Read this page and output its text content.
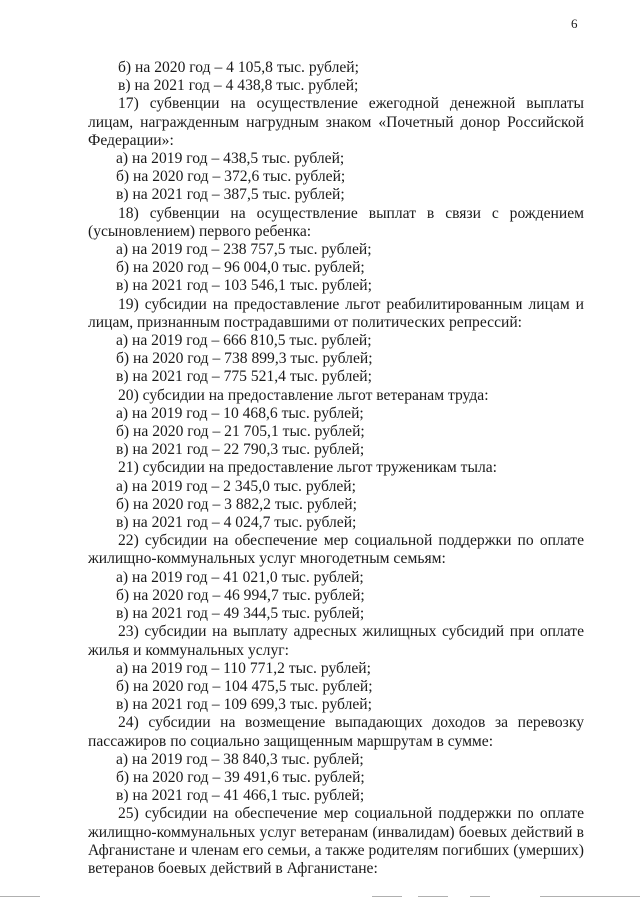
6
б) на 2020 год – 4 105,8 тыс. рублей;
в) на 2021 год – 4 438,8 тыс. рублей;
17) субвенции на осуществление ежегодной денежной выплаты
лицам, награжденным нагрудным знаком «Почетный донор Российской
Федерации»:
а) на 2019 год – 438,5 тыс. рублей;
б) на 2020 год – 372,6 тыс. рублей;
в) на 2021 год – 387,5 тыс. рублей;
18) субвенции на осуществление выплат в связи с рождением
(усыновлением) первого ребенка:
а) на 2019 год – 238 757,5 тыс. рублей;
б) на 2020 год – 96 004,0 тыс. рублей;
в) на 2021 год – 103 546,1 тыс. рублей;
19) субсидии на предоставление льгот реабилитированным лицам и
лицам, признанным пострадавшими от политических репрессий:
а) на 2019 год – 666 810,5 тыс. рублей;
б) на 2020 год – 738 899,3 тыс. рублей;
в) на 2021 год – 775 521,4 тыс. рублей;
20) субсидии на предоставление льгот ветеранам труда:
а) на 2019 год – 10 468,6 тыс. рублей;
б) на 2020 год – 21 705,1 тыс. рублей;
в) на 2021 год – 22 790,3 тыс. рублей;
21) субсидии на предоставление льгот труженикам тыла:
а) на 2019 год – 2 345,0 тыс. рублей;
б) на 2020 год – 3 882,2 тыс. рублей;
в) на 2021 год – 4 024,7 тыс. рублей;
22) субсидии на обеспечение мер социальной поддержки по оплате
жилищно-коммунальных услуг многодетным семьям:
а) на 2019 год – 41 021,0 тыс. рублей;
б) на 2020 год – 46 994,7 тыс. рублей;
в) на 2021 год – 49 344,5 тыс. рублей;
23) субсидии на выплату адресных жилищных субсидий при оплате
жилья и коммунальных услуг:
а) на 2019 год – 110 771,2 тыс. рублей;
б) на 2020 год – 104 475,5 тыс. рублей;
в) на 2021 год – 109 699,3 тыс. рублей;
24) субсидии на возмещение выпадающих доходов за перевозку
пассажиров по социально защищенным маршрутам в сумме:
а) на 2019 год – 38 840,3 тыс. рублей;
б) на 2020 год – 39 491,6 тыс. рублей;
в) на 2021 год – 41 466,1 тыс. рублей;
25) субсидии на обеспечение мер социальной поддержки по оплате
жилищно-коммунальных услуг ветеранам (инвалидам) боевых действий в
Афганистане и членам его семьи, а также родителям погибших (умерших)
ветеранов боевых действий в Афганистане:
